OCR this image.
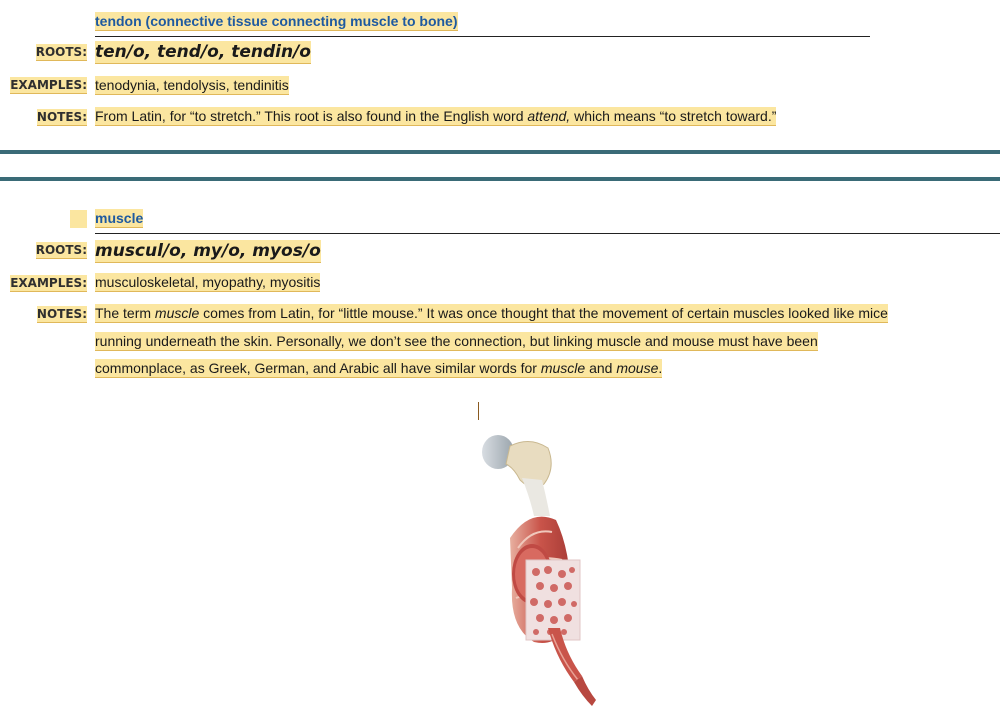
tendon (connective tissue connecting muscle to bone)
ROOTS: ten/o, tend/o, tendin/o
EXAMPLES: tenodynia, tendolysis, tendinitis
NOTES: From Latin, for “to stretch.” This root is also found in the English word attend, which means “to stretch toward.”
muscle
ROOTS: muscul/o, my/o, myos/o
EXAMPLES: musculoskeletal, myopathy, myositis
NOTES: The term muscle comes from Latin, for “little mouse.” It was once thought that the movement of certain muscles looked like mice
running underneath the skin. Personally, we don’t see the connection, but linking muscle and mouse must have been
commonplace, as Greek, German, and Arabic all have similar words for muscle and mouse.
